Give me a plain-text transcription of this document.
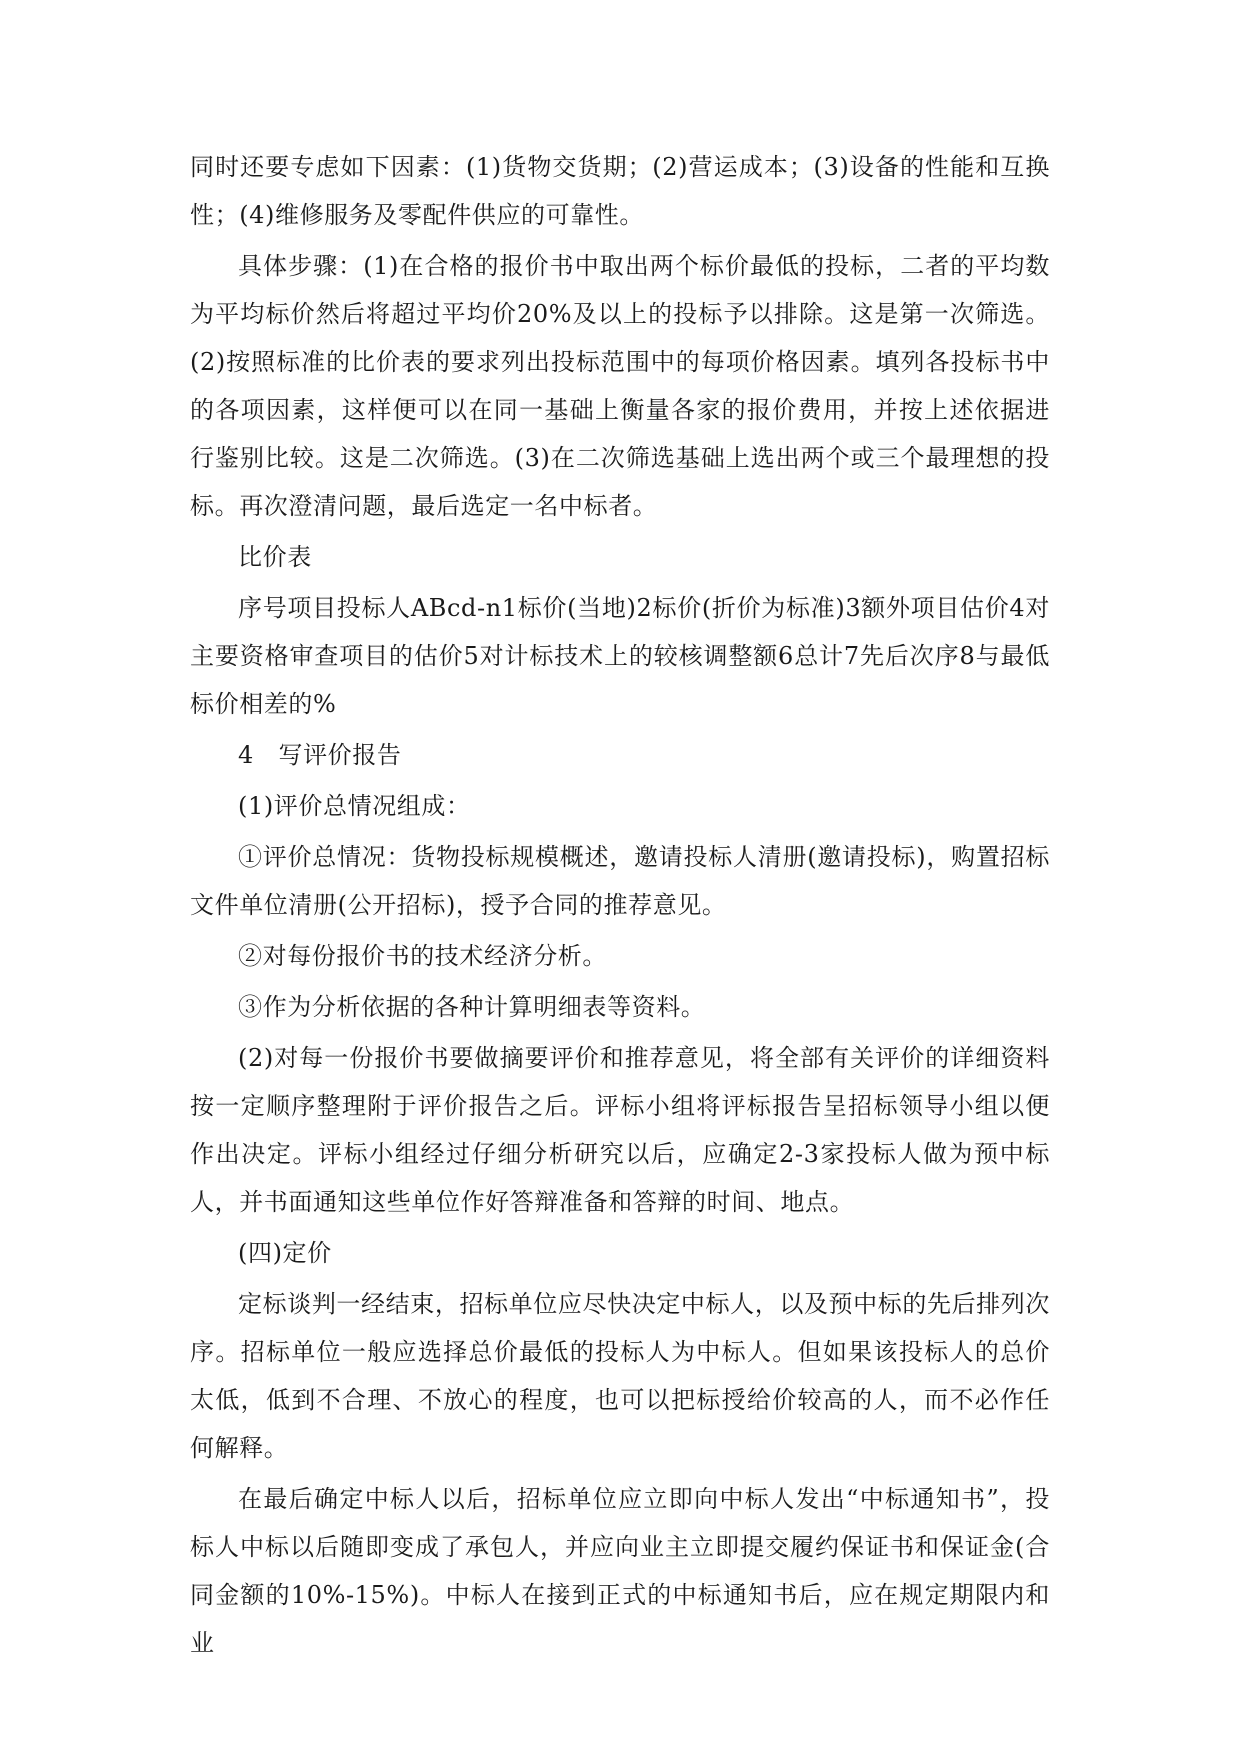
同时还要专虑如下因素：(1)货物交货期；(2)营运成本；(3)设备的性能和互换性；(4)维修服务及零配件供应的可靠性。

具体步骤：(1)在合格的报价书中取出两个标价最低的投标，二者的平均数为平均标价然后将超过平均价20%及以上的投标予以排除。这是第一次筛选。(2)按照标准的比价表的要求列出投标范围中的每项价格因素。填列各投标书中的各项因素，这样便可以在同一基础上衡量各家的报价费用，并按上述依据进行鉴别比较。这是二次筛选。(3)在二次筛选基础上选出两个或三个最理想的投标。再次澄清问题，最后选定一名中标者。

比价表

序号项目投标人ABcd-n1标价(当地)2标价(折价为标准)3额外项目估价4对主要资格审查项目的估价5对计标技术上的较核调整额6总计7先后次序8与最低标价相差的%

4　写评价报告

(1)评价总情况组成：

①评价总情况：货物投标规模概述，邀请投标人清册(邀请投标)，购置招标文件单位清册(公开招标)，授予合同的推荐意见。

②对每份报价书的技术经济分析。

③作为分析依据的各种计算明细表等资料。

(2)对每一份报价书要做摘要评价和推荐意见，将全部有关评价的详细资料按一定顺序整理附于评价报告之后。评标小组将评标报告呈招标领导小组以便作出决定。评标小组经过仔细分析研究以后，应确定2-3家投标人做为预中标人，并书面通知这些单位作好答辩准备和答辩的时间、地点。

(四)定价

定标谈判一经结束，招标单位应尽快决定中标人，以及预中标的先后排列次序。招标单位一般应选择总价最低的投标人为中标人。但如果该投标人的总价太低，低到不合理、不放心的程度，也可以把标授给价较高的人，而不必作任何解释。

在最后确定中标人以后，招标单位应立即向中标人发出“中标通知书”，投标人中标以后随即变成了承包人，并应向业主立即提交履约保证书和保证金(合同金额的10%-15%)。中标人在接到正式的中标通知书后，应在规定期限内和业
